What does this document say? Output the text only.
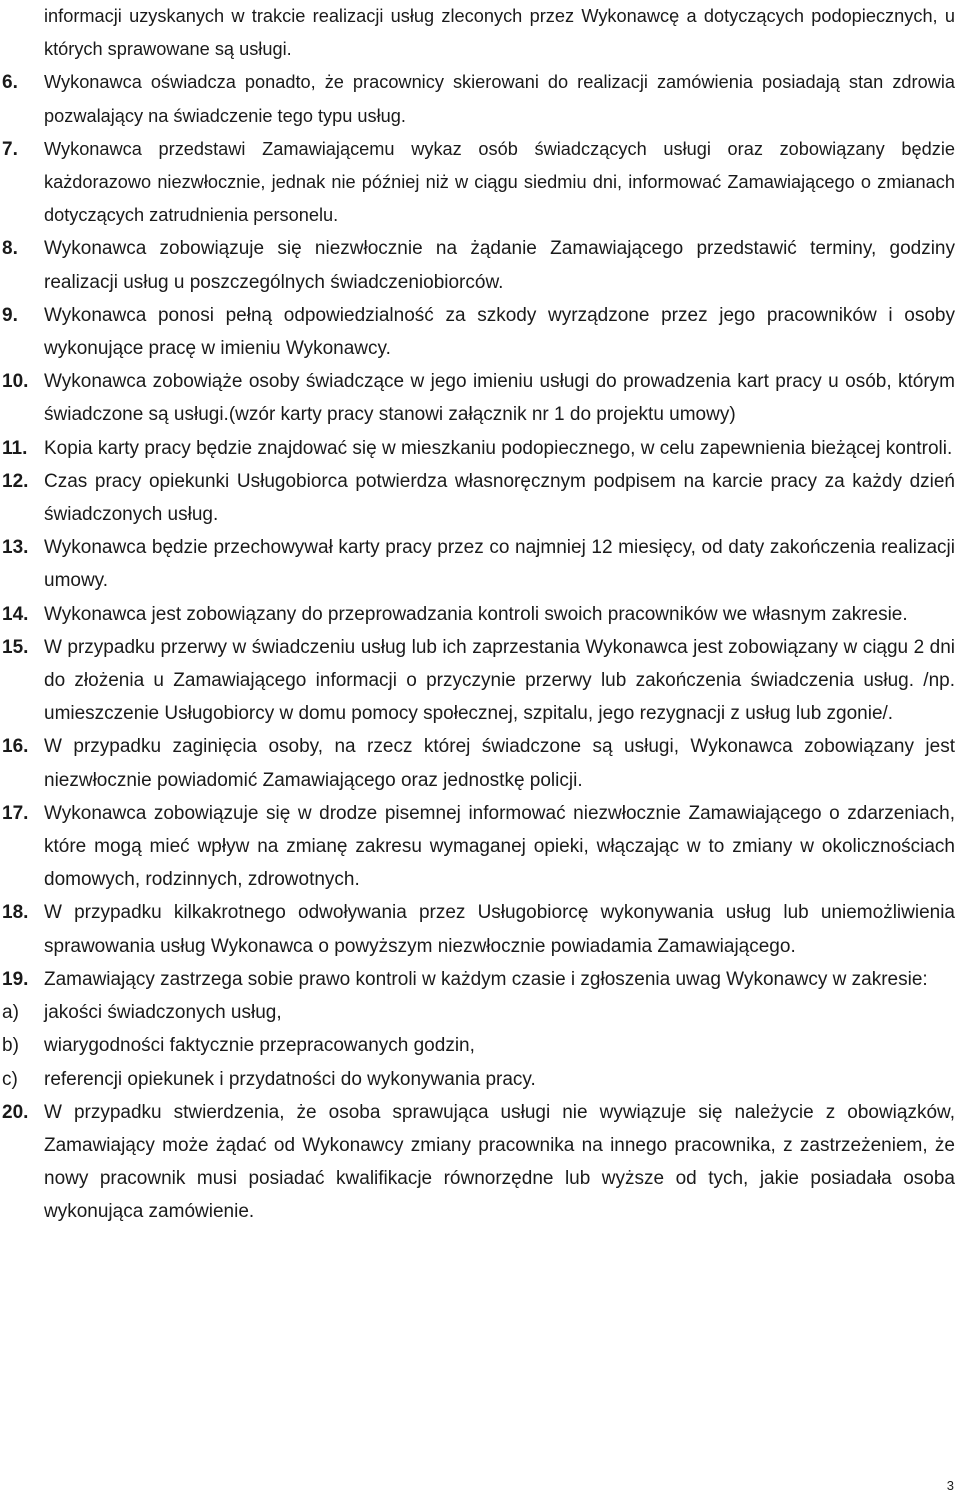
informacji uzyskanych w trakcie realizacji usług zleconych przez Wykonawcę a dotyczących podopiecznych, u których sprawowane są usługi.
6.	Wykonawca oświadcza ponadto, że pracownicy skierowani do realizacji zamówienia posiadają stan zdrowia pozwalający na świadczenie tego typu usług.
7.	Wykonawca przedstawi Zamawiającemu wykaz osób świadczących usługi oraz zobowiązany będzie każdorazowo niezwłocznie, jednak nie później niż w ciągu siedmiu dni, informować Zamawiającego o zmianach dotyczących zatrudnienia personelu.
8.	Wykonawca zobowiązuje się niezwłocznie na żądanie Zamawiającego przedstawić terminy, godziny realizacji usług u poszczególnych świadczeniobiorców.
9.	Wykonawca ponosi pełną odpowiedzialność za szkody wyrządzone przez jego pracowników i osoby wykonujące pracę w imieniu Wykonawcy.
10. Wykonawca zobowiąże osoby świadczące w jego imieniu usługi do prowadzenia kart pracy u osób, którym świadczone są usługi.(wzór karty pracy stanowi załącznik nr 1 do projektu umowy)
11. Kopia karty pracy będzie znajdować się w mieszkaniu podopiecznego, w celu zapewnienia bieżącej kontroli.
12. Czas pracy opiekunki Usługobiorca potwierdza własnoręcznym podpisem na karcie pracy za każdy dzień świadczonych usług.
13. Wykonawca będzie przechowywał karty pracy przez co najmniej 12 miesięcy, od daty zakończenia realizacji umowy.
14. Wykonawca jest zobowiązany do przeprowadzania kontroli swoich pracowników we własnym zakresie.
15. W przypadku przerwy w świadczeniu usług lub ich zaprzestania Wykonawca jest zobowiązany w ciągu 2 dni do złożenia u Zamawiającego informacji o przyczynie przerwy lub zakończenia świadczenia usług. /np. umieszczenie Usługobiorcy w domu pomocy społecznej, szpitalu, jego rezygnacji z usług lub zgonie/.
16. W przypadku zaginięcia osoby, na rzecz której świadczone są usługi, Wykonawca zobowiązany jest niezwłocznie powiadomić Zamawiającego oraz jednostkę policji.
17. Wykonawca zobowiązuje się w drodze pisemnej informować niezwłocznie Zamawiającego o zdarzeniach, które mogą mieć wpływ na zmianę zakresu wymaganej opieki, włączając w to zmiany w okolicznościach domowych, rodzinnych, zdrowotnych.
18. W przypadku kilkakrotnego odwoływania przez Usługobiorcę wykonywania usług lub uniemożliwienia sprawowania usług Wykonawca o powyższym niezwłocznie powiadamia Zamawiającego.
19. Zamawiający zastrzega sobie prawo kontroli w każdym czasie i zgłoszenia uwag Wykonawcy w zakresie:
a)	jakości świadczonych usług,
b)	wiarygodności faktycznie przepracowanych godzin,
c)	referencji opiekunek i przydatności do wykonywania pracy.
20. W przypadku stwierdzenia, że osoba sprawująca usługi nie wywiązuje się należycie z obowiązków, Zamawiający może żądać od Wykonawcy zmiany pracownika na innego pracownika, z zastrzeżeniem, że nowy pracownik musi posiadać kwalifikacje równorzędne lub wyższe od tych, jakie posiadała osoba wykonująca zamówienie.
3
